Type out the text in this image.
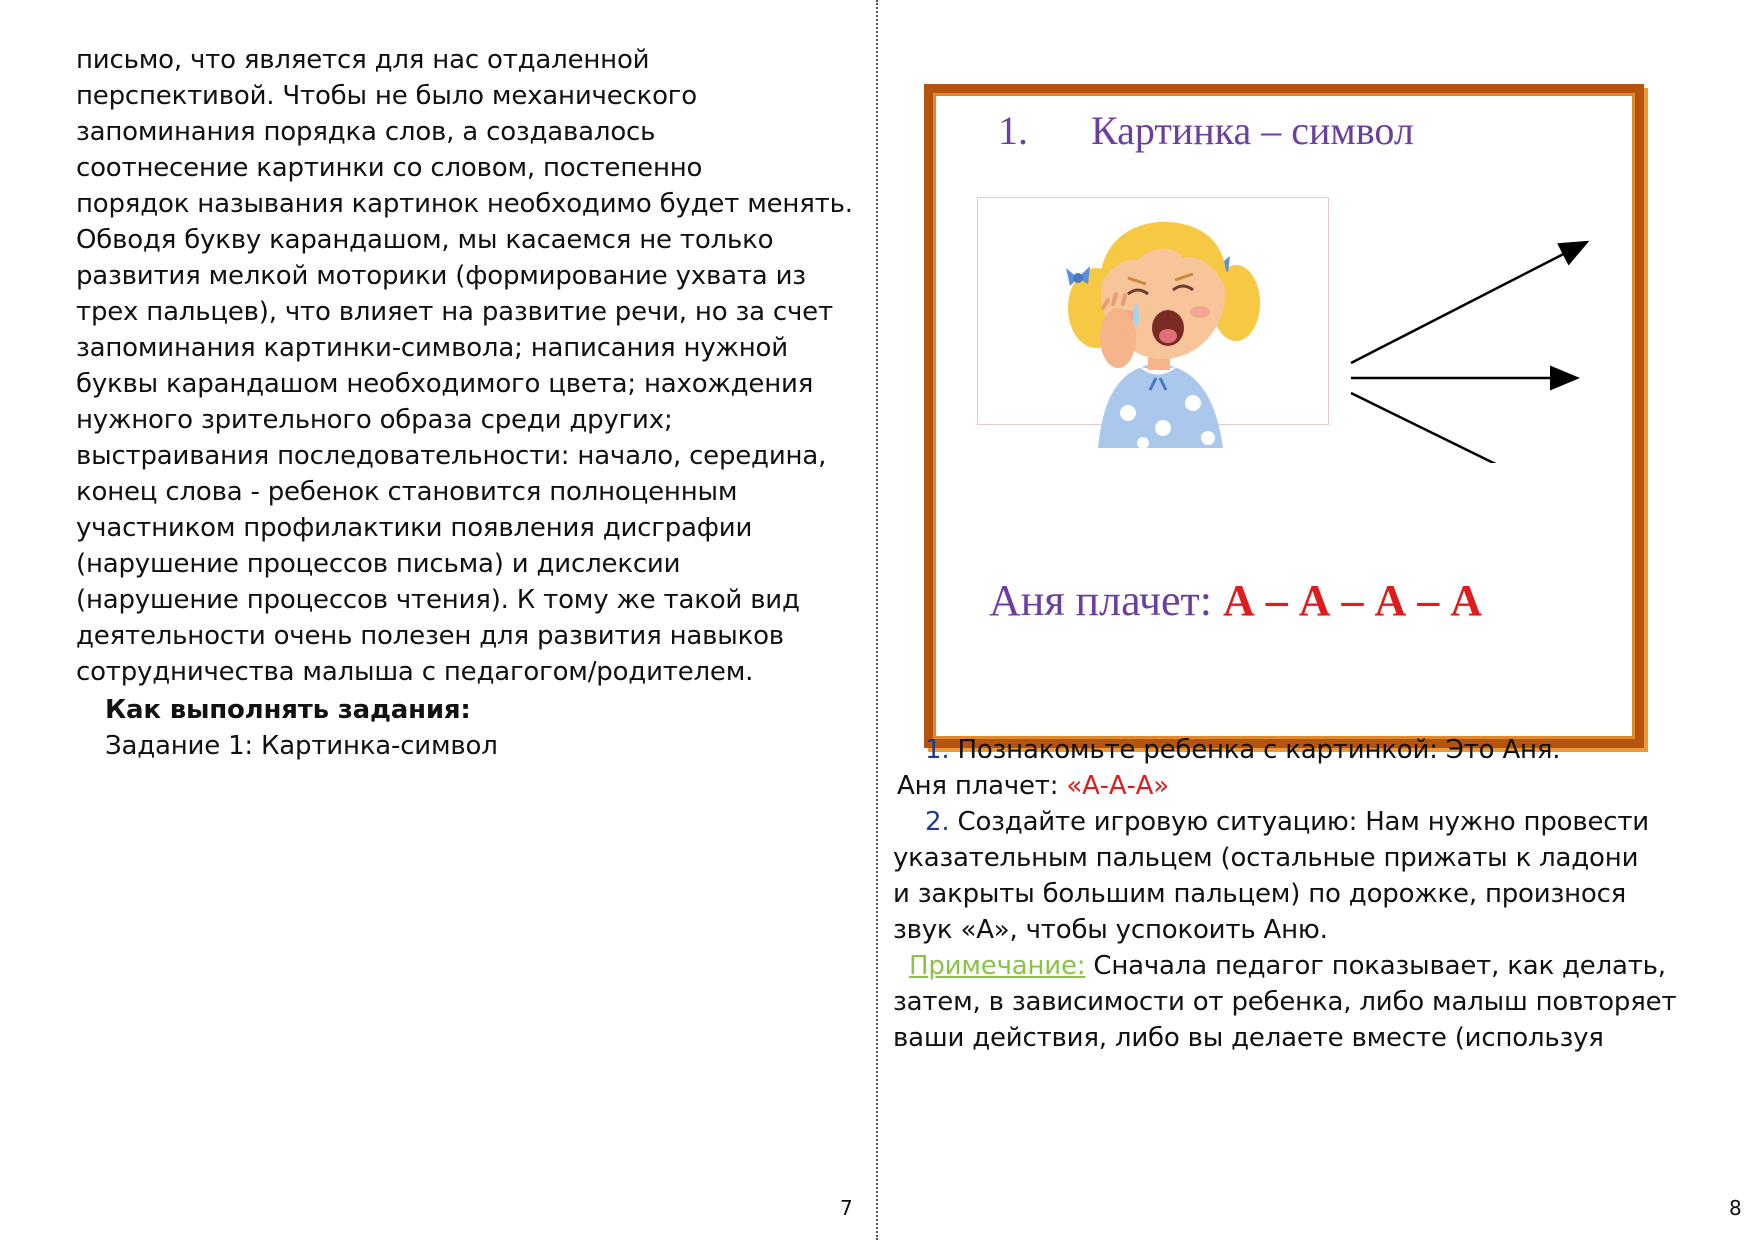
письмо, что является для нас отдаленной
перспективой. Чтобы не было механического
запоминания порядка слов, а создавалось
соотнесение картинки со словом, постепенно
порядок называния картинок необходимо будет менять.
Обводя букву карандашом, мы касаемся не только
развития мелкой моторики (формирование ухвата из
трех пальцев), что влияет на развитие речи, но за счет
запоминания картинки-символа; написания нужной
буквы карандашом необходимого цвета; нахождения
нужного зрительного образа среди других;
выстраивания последовательности: начало, середина,
конец слова - ребенок становится полноценным
участником профилактики появления дисграфии
(нарушение процессов письма) и дислексии
(нарушение процессов чтения). К тому же такой вид
деятельности очень полезен для развития навыков
сотрудничества малыша с педагогом/родителем.
Как выполнять задания:
Задание 1: Картинка-символ
7
1. Картинка – символ
Аня плачет: А – А – А – А
1. Познакомьте ребенка с картинкой: Это Аня.
Аня плачет: «А-А-А»
2. Создайте игровую ситуацию: Нам нужно провести
указательным пальцем (остальные прижаты к ладони
и закрыты большим пальцем) по дорожке, произнося
звук «А», чтобы успокоить Аню.
Примечание: Сначала педагог показывает, как делать,
затем, в зависимости от ребенка, либо малыш повторяет
ваши действия, либо вы делаете вместе (используя
8
